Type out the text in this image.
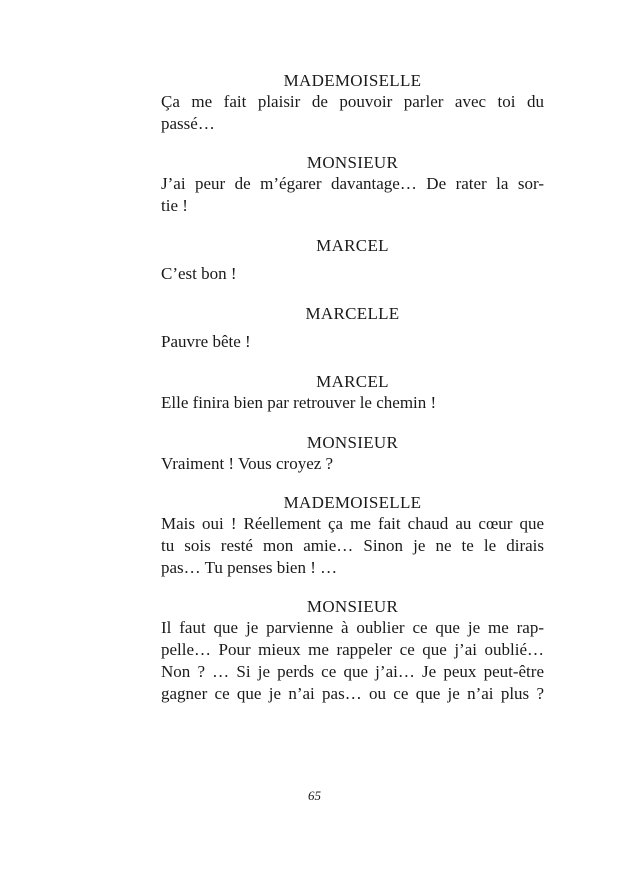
MADEMOISELLE

Ça me fait plaisir de pouvoir parler avec toi du

passé…

MONSIEUR

J’ai peur de m’égarer davantage… De rater la sor-

tie !

MARCEL

C’est bon !

MARCELLE

Pauvre bête !

MARCEL

Elle finira bien par retrouver le chemin !

MONSIEUR

Vraiment ! Vous croyez ?

MADEMOISELLE

Mais oui ! Réellement ça me fait chaud au cœur que

tu sois resté mon amie… Sinon je ne te le dirais

pas… Tu penses bien ! …

MONSIEUR

Il faut que je parvienne à oublier ce que je me rap-

pelle… Pour mieux me rappeler ce que j’ai oublié…

Non ? … Si je perds ce que j’ai… Je peux peut-être

gagner ce que je n’ai pas… ou ce que je n’ai plus ?

65
